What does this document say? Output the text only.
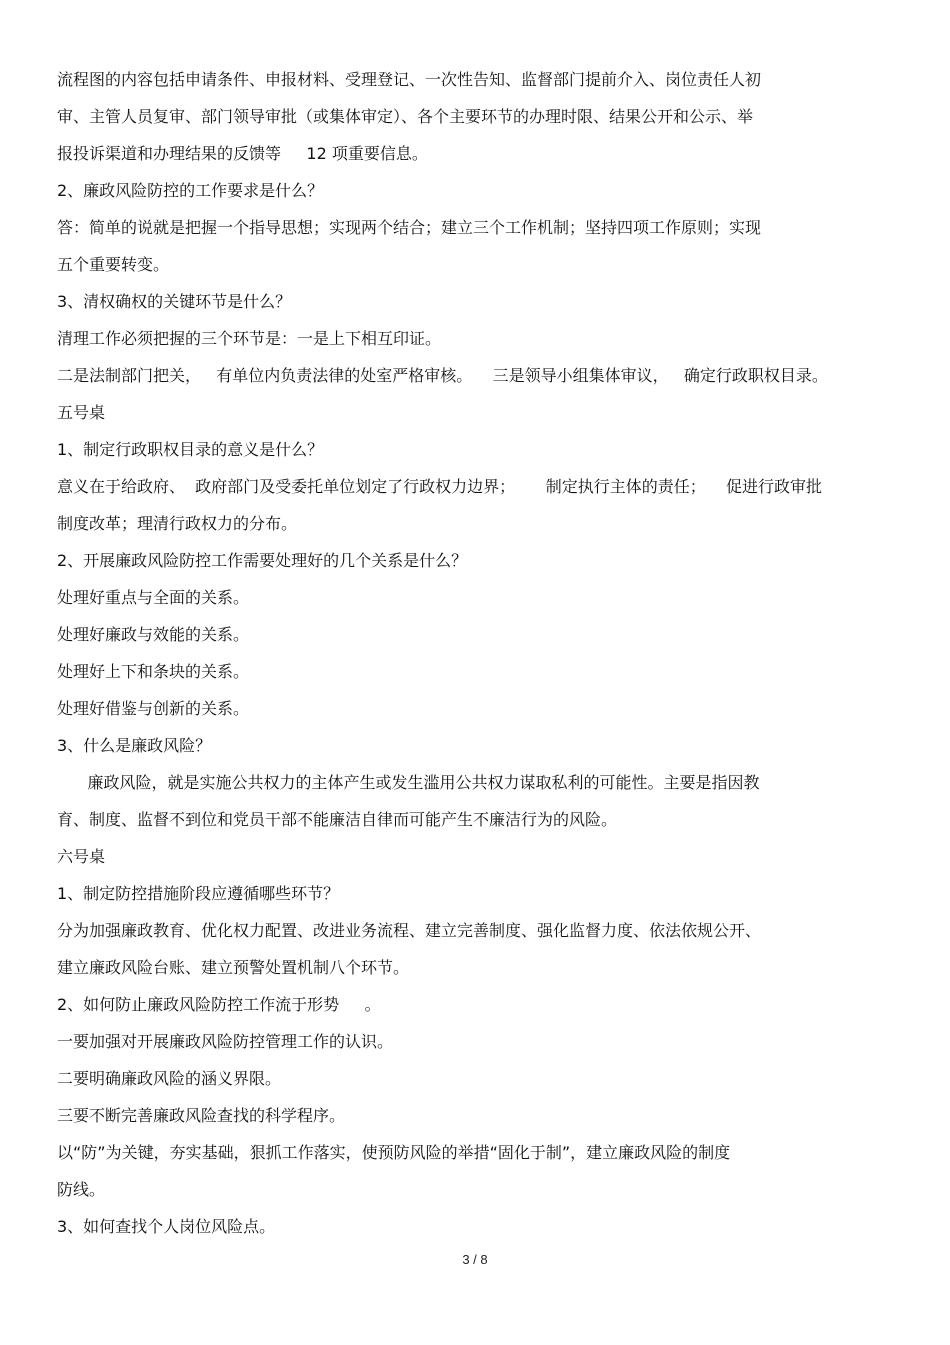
流程图的内容包括申请条件、申报材料、受理登记、一次性告知、监督部门提前介入、岗位责任人初
审、主管人员复审、部门领导审批（或集体审定）、各个主要环节的办理时限、结果公开和公示、举
报投诉渠道和办理结果的反馈等     12 项重要信息。
2、廉政风险防控的工作要求是什么？
答：简单的说就是把握一个指导思想；实现两个结合；建立三个工作机制；坚持四项工作原则；实现
五个重要转变。
3、清权确权的关键环节是什么？
清理工作必须把握的三个环节是：一是上下相互印证。
二是法制部门把关，   有单位内负责法律的处室严格审核。    三是领导小组集体审议，   确定行政职权目录。
五号桌
1、制定行政职权目录的意义是什么？
意义在于给政府、  政府部门及受委托单位划定了行政权力边界；      制定执行主体的责任；    促进行政审批
制度改革；理清行政权力的分布。
2、开展廉政风险防控工作需要处理好的几个关系是什么？
处理好重点与全面的关系。
处理好廉政与效能的关系。
处理好上下和条块的关系。
处理好借鉴与创新的关系。
3、什么是廉政风险？
廉政风险，就是实施公共权力的主体产生或发生滥用公共权力谋取私利的可能性。主要是指因教
育、制度、监督不到位和党员干部不能廉洁自律而可能产生不廉洁行为的风险。
六号桌
1、制定防控措施阶段应遵循哪些环节？
分为加强廉政教育、优化权力配置、改进业务流程、建立完善制度、强化监督力度、依法依规公开、
建立廉政风险台账、建立预警处置机制八个环节。
2、如何防止廉政风险防控工作流于形势     。
一要加强对开展廉政风险防控管理工作的认识。
二要明确廉政风险的涵义界限。
三要不断完善廉政风险查找的科学程序。
以“防”为关键，夯实基础，狠抓工作落实，使预防风险的举措“固化于制”，建立廉政风险的制度
防线。
3、如何查找个人岗位风险点。
3 / 8
